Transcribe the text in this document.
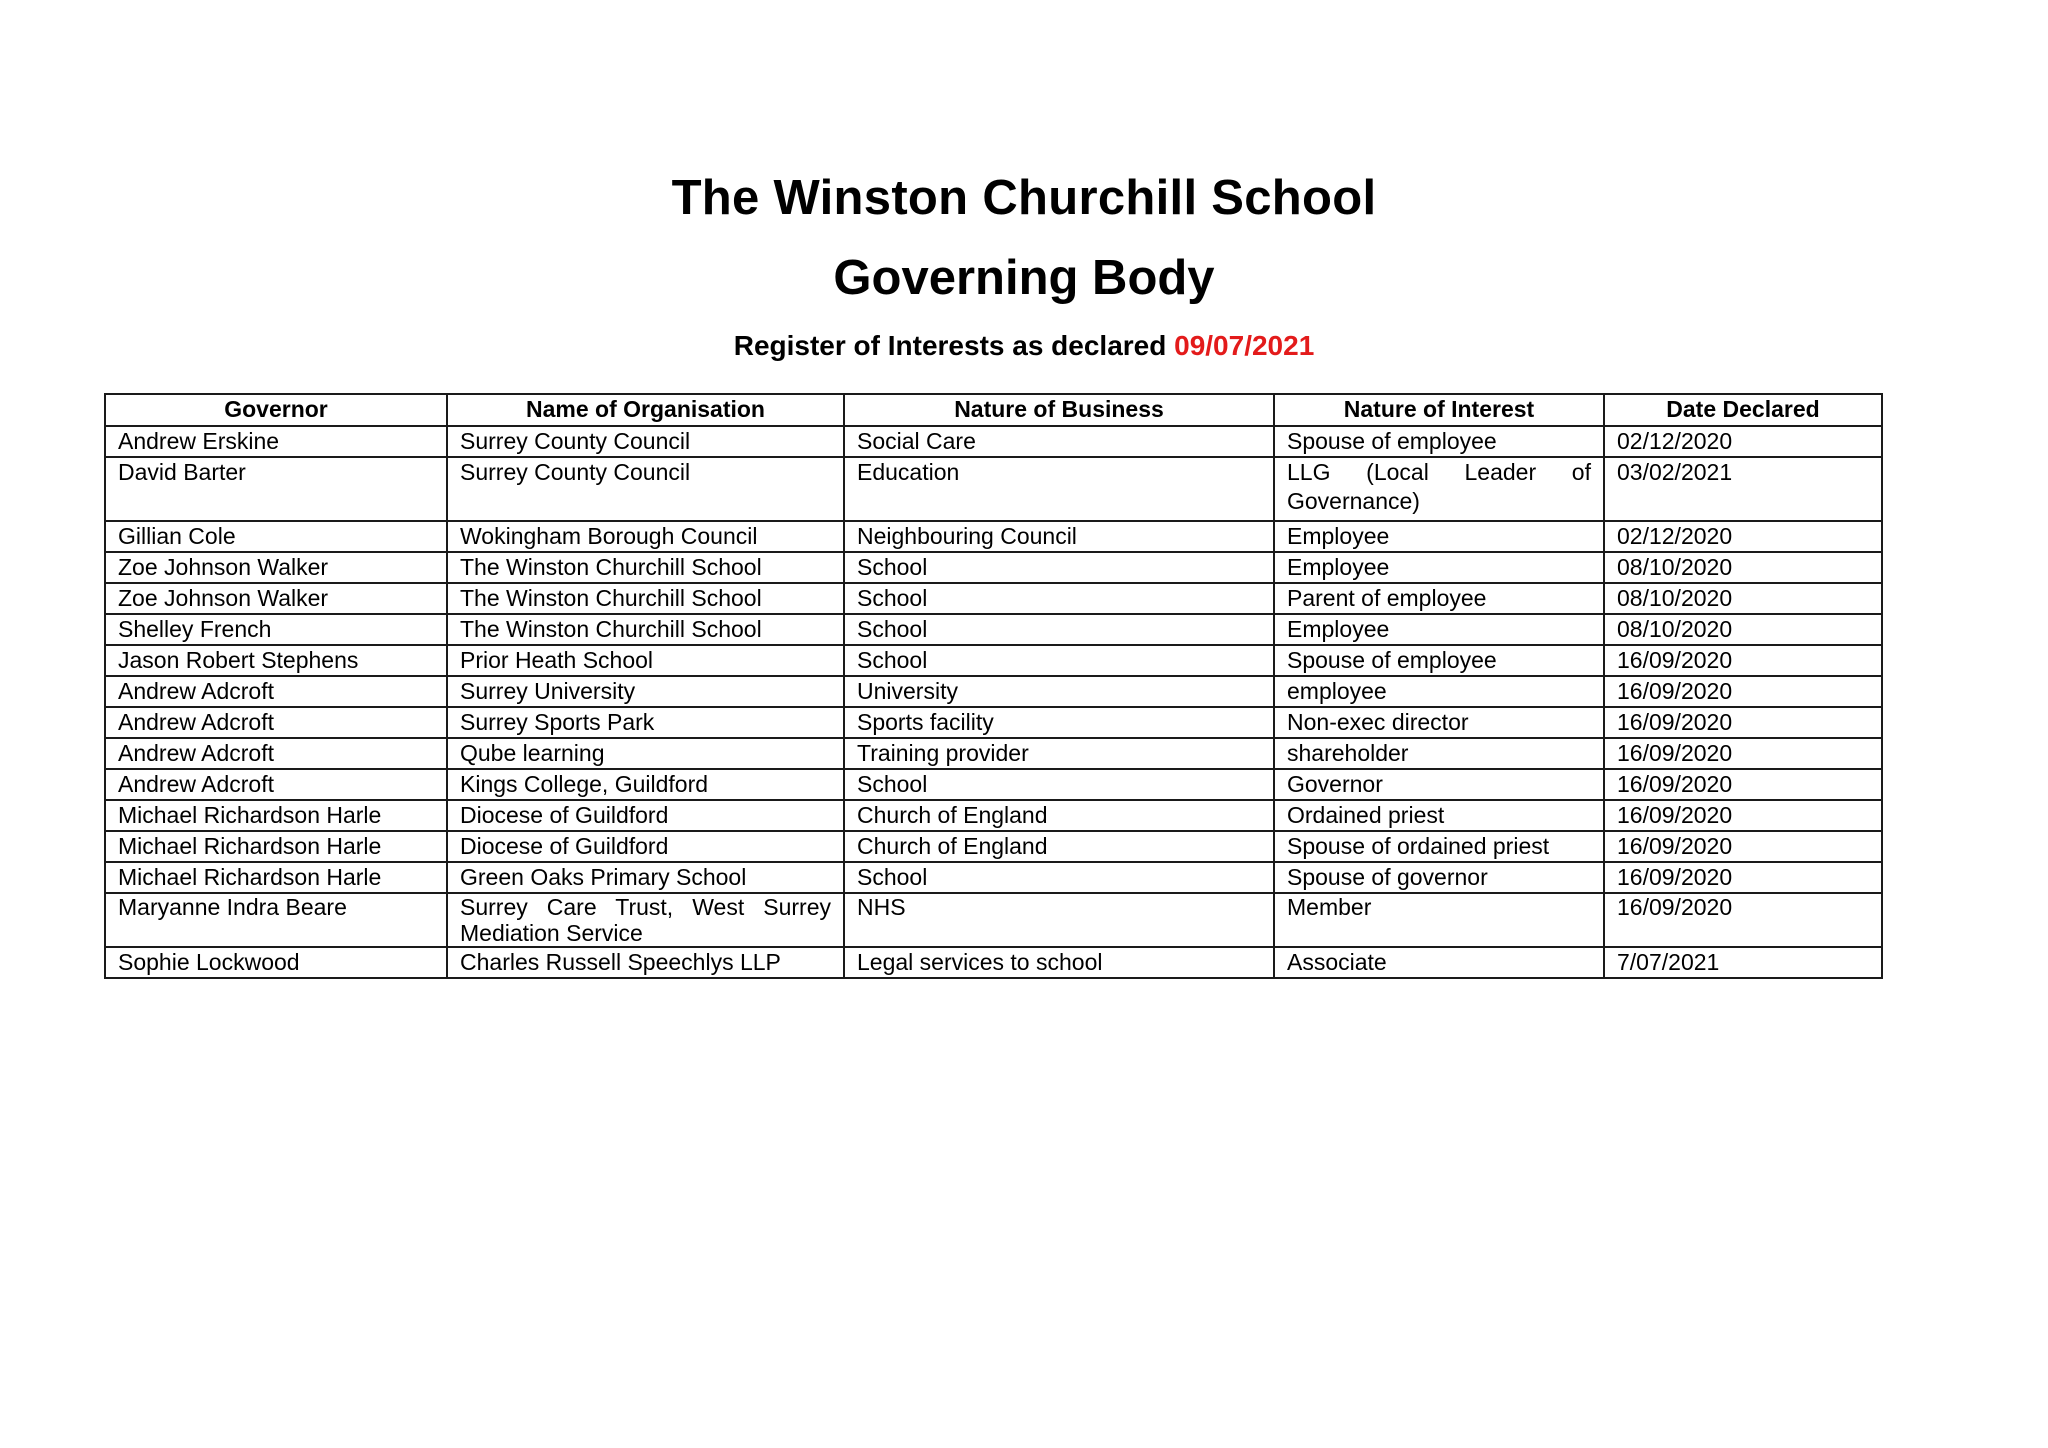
The Winston Churchill School
Governing Body
Register of Interests as declared 09/07/2021
Governor	Name of Organisation	Nature of Business	Nature of Interest	Date Declared
Andrew Erskine	Surrey County Council	Social Care	Spouse of employee	02/12/2020
David Barter	Surrey County Council	Education	LLG (Local Leader of Governance)	03/02/2021
Gillian Cole	Wokingham Borough Council	Neighbouring Council	Employee	02/12/2020
Zoe Johnson Walker	The Winston Churchill School	School	Employee	08/10/2020
Zoe Johnson Walker	The Winston Churchill School	School	Parent of employee	08/10/2020
Shelley French	The Winston Churchill School	School	Employee	08/10/2020
Jason Robert Stephens	Prior Heath School	School	Spouse of employee	16/09/2020
Andrew Adcroft	Surrey University	University	employee	16/09/2020
Andrew Adcroft	Surrey Sports Park	Sports facility	Non-exec director	16/09/2020
Andrew Adcroft	Qube learning	Training provider	shareholder	16/09/2020
Andrew Adcroft	Kings College, Guildford	School	Governor	16/09/2020
Michael Richardson Harle	Diocese of Guildford	Church of England	Ordained priest	16/09/2020
Michael Richardson Harle	Diocese of Guildford	Church of England	Spouse of ordained priest	16/09/2020
Michael Richardson Harle	Green Oaks Primary School	School	Spouse of governor	16/09/2020
Maryanne Indra Beare	Surrey Care Trust, West Surrey Mediation Service	NHS	Member	16/09/2020
Sophie Lockwood	Charles Russell Speechlys LLP	Legal services to school	Associate	7/07/2021
